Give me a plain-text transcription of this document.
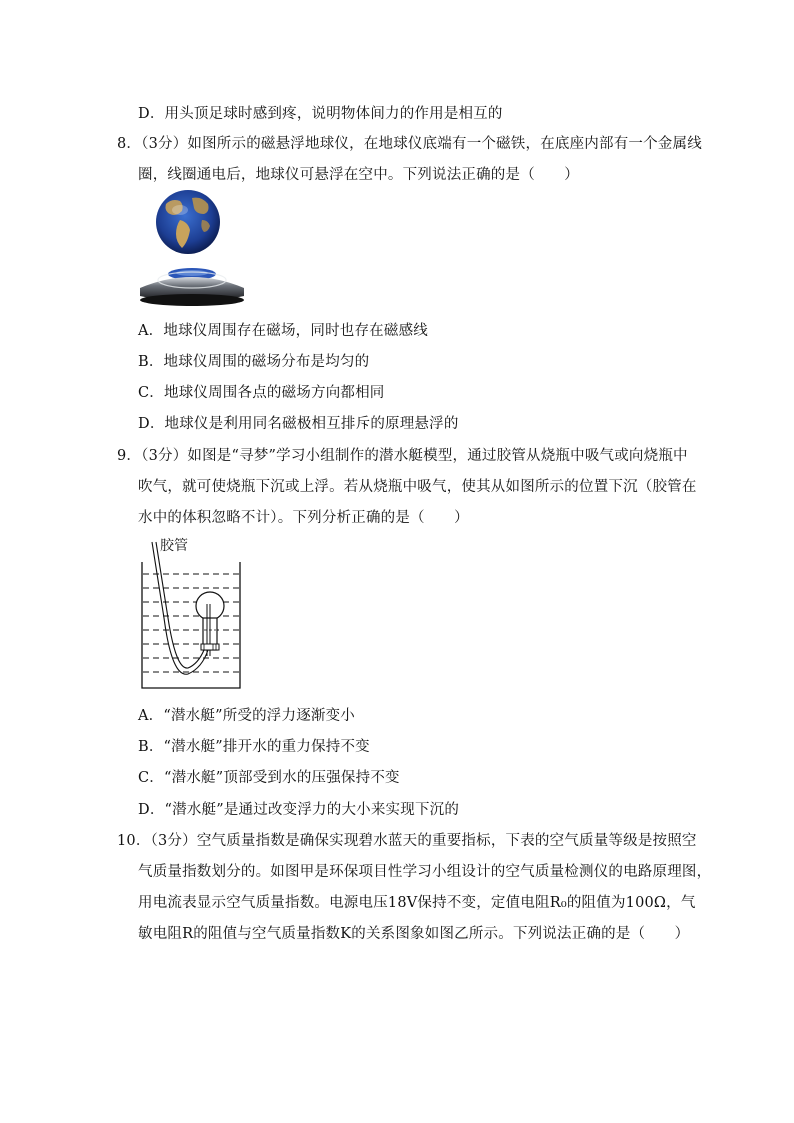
D．用头顶足球时感到疼，说明物体间力的作用是相互的
8．（3分）如图所示的磁悬浮地球仪，在地球仪底端有一个磁铁，在底座内部有一个金属线
圈，线圈通电后，地球仪可悬浮在空中。下列说法正确的是（　　）
A．地球仪周围存在磁场，同时也存在磁感线
B．地球仪周围的磁场分布是均匀的
C．地球仪周围各点的磁场方向都相同
D．地球仪是利用同名磁极相互排斥的原理悬浮的
9．（3分）如图是“寻梦”学习小组制作的潜水艇模型，通过胶管从烧瓶中吸气或向烧瓶中
吹气，就可使烧瓶下沉或上浮。若从烧瓶中吸气，使其从如图所示的位置下沉（胶管在
水中的体积忽略不计）。下列分析正确的是（　　）
胶管
A．“潜水艇”所受的浮力逐渐变小
B．“潜水艇”排开水的重力保持不变
C．“潜水艇”顶部受到水的压强保持不变
D．“潜水艇”是通过改变浮力的大小来实现下沉的
10．（3分）空气质量指数是确保实现碧水蓝天的重要指标，下表的空气质量等级是按照空
气质量指数划分的。如图甲是环保项目性学习小组设计的空气质量检测仪的电路原理图，
用电流表显示空气质量指数。电源电压18V保持不变，定值电阻R₀的阻值为100Ω，气
敏电阻R的阻值与空气质量指数K的关系图象如图乙所示。下列说法正确的是（　　）
